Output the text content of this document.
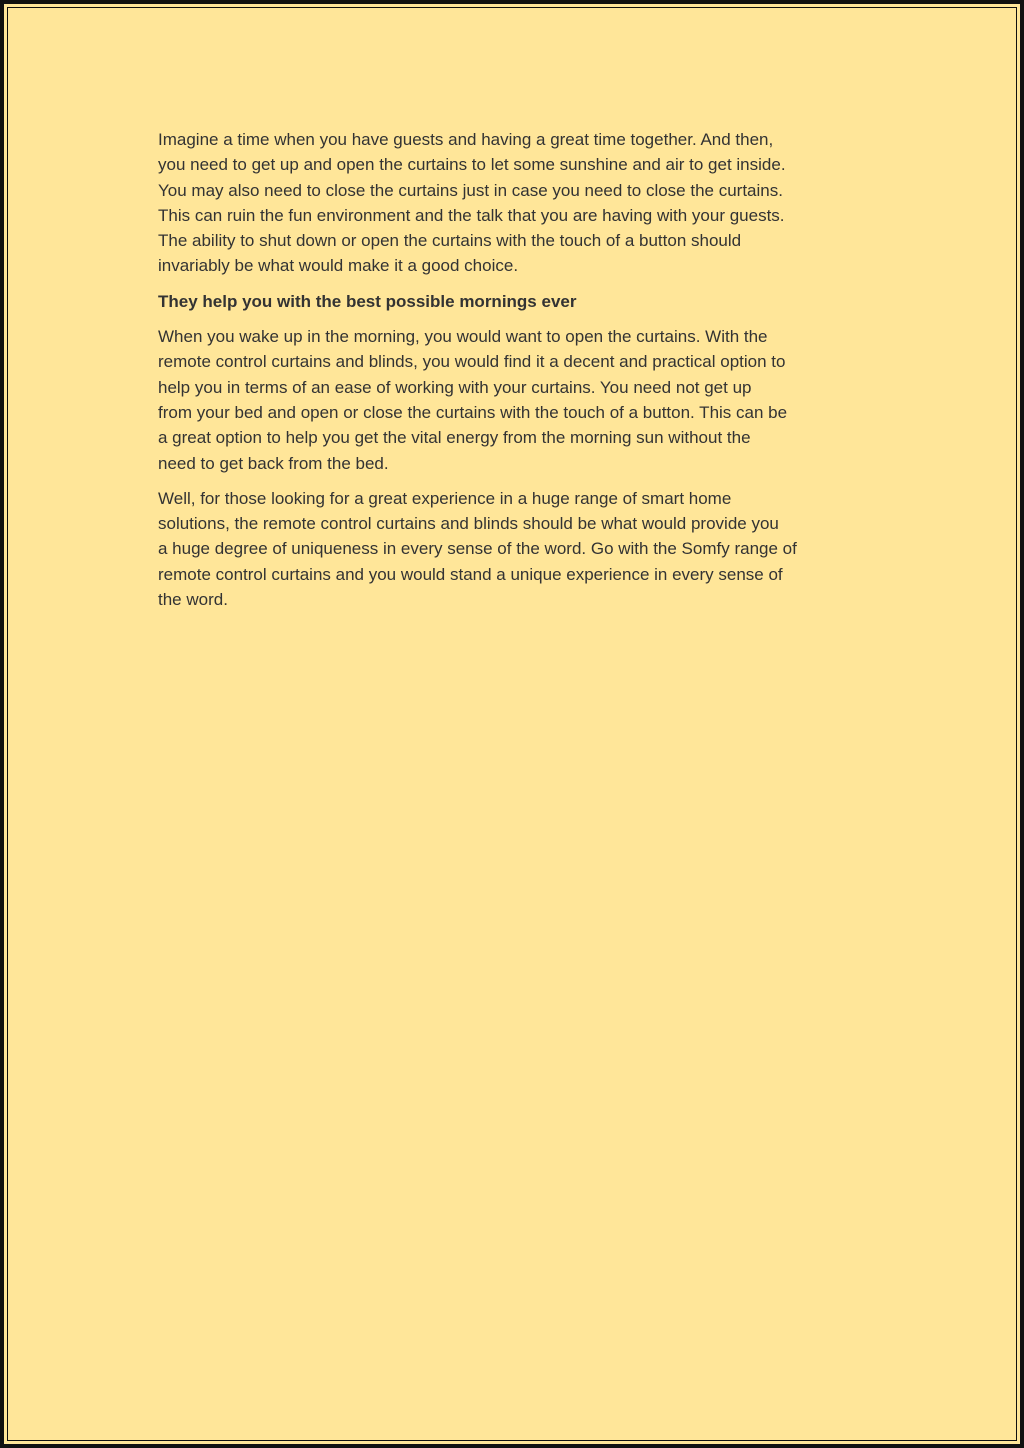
Imagine a time when you have guests and having a great time together. And then,
you need to get up and open the curtains to let some sunshine and air to get inside.
You may also need to close the curtains just in case you need to close the curtains.
This can ruin the fun environment and the talk that you are having with your guests.
The ability to shut down or open the curtains with the touch of a button should
invariably be what would make it a good choice.

They help you with the best possible mornings ever

When you wake up in the morning, you would want to open the curtains. With the
remote control curtains and blinds, you would find it a decent and practical option to
help you in terms of an ease of working with your curtains. You need not get up
from your bed and open or close the curtains with the touch of a button. This can be
a great option to help you get the vital energy from the morning sun without the
need to get back from the bed.

Well, for those looking for a great experience in a huge range of smart home
solutions, the remote control curtains and blinds should be what would provide you
a huge degree of uniqueness in every sense of the word. Go with the Somfy range of
remote control curtains and you would stand a unique experience in every sense of
the word.
